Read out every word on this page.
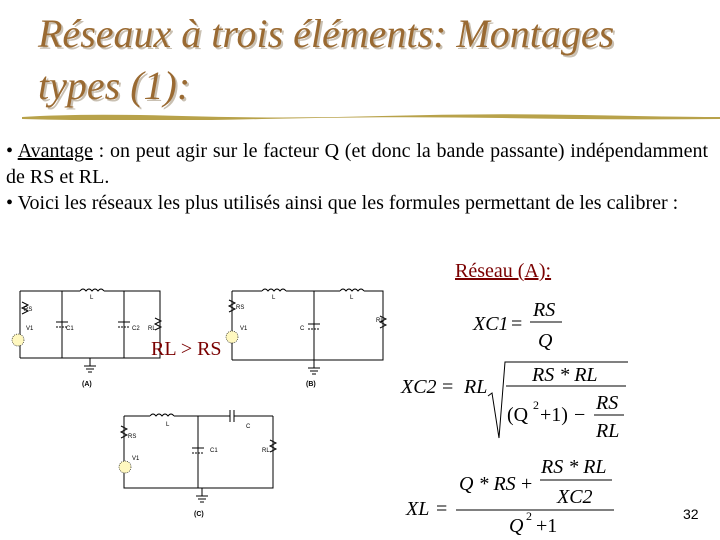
Réseaux à trois éléments: Montages
types (1):

• Avantage : on peut agir sur le facteur Q (et donc la bande passante) indépendamment de RS et RL.

• Voici les réseaux les plus utilisés ainsi que les formules permettant de les calibrer :

Réseau (A):
RS
V1	C1	C2 RL
L
(A)
RS
V1	C
RL
L	L
(B)
RS
V1
C1
C
RL
L
(C)
XC1 =
RS
Q
XC2 = RL
RS * RL
(Q 2 +1) −
RS
RL
XL =
Q * RS +
RS * RL
XC2
Q 2 +1
RL > RS
32
